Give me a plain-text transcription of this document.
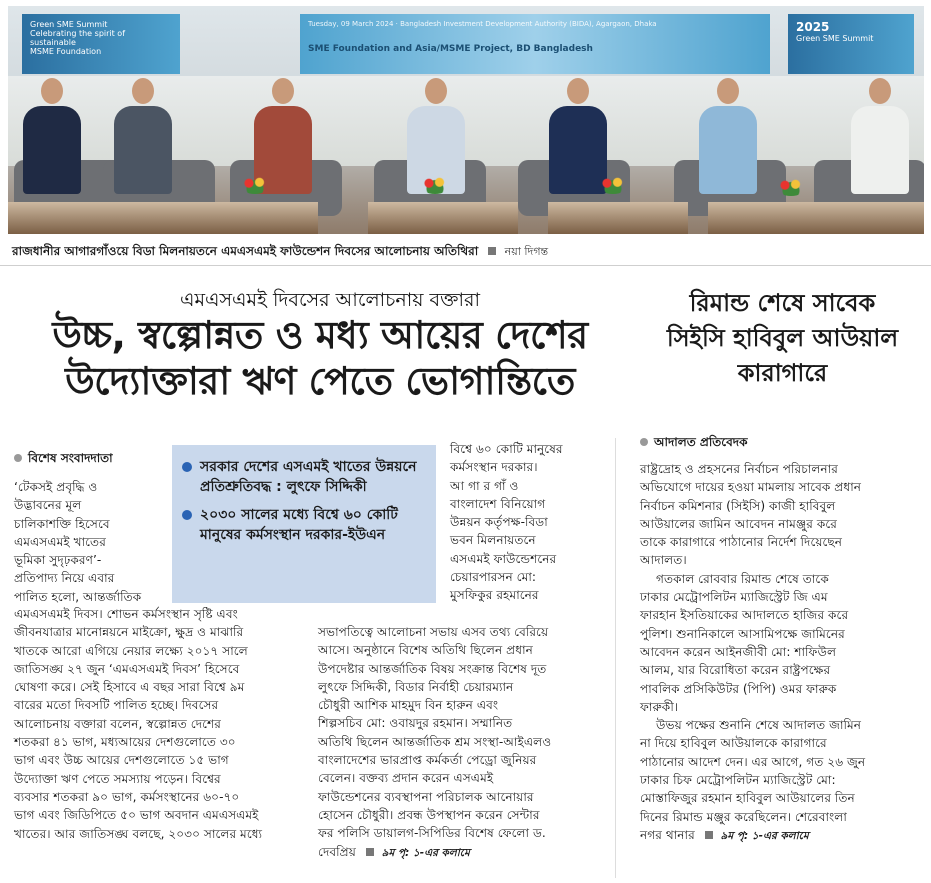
Green SME Summit
Celebrating the spirit of sustainable
MSME Foundation
Tuesday, 09 March 2024 · Bangladesh Investment Development Authority (BIDA), Agargaon, Dhaka
SME Foundation and Asia/MSME Project, BD Bangladesh
2025
Green SME Summit
রাজধানীর আগারগাঁওয়ে বিডা মিলনায়তনে এমএসএমই ফাউন্ডেশন দিবসের আলোচনায় অতিথিরা নয়া দিগন্ত
এমএসএমই দিবসের আলোচনায় বক্তারা
উচ্চ, স্বল্পোন্নত ও মধ্য আয়ের দেশের
উদ্যোক্তারা ঋণ পেতে ভোগান্তিতে
রিমান্ড শেষে সাবেক
সিইসি হাবিবুল আউয়াল
কারাগারে
বিশেষ সংবাদদাতা
‘টেকসই প্রবৃদ্ধি ও
উদ্ভাবনের মূল
চালিকাশক্তি হিসেবে
এমএসএমই খাতের
ভূমিকা সুদৃঢ়করণ’-
প্রতিপাদ্য নিয়ে এবার
পালিত হলো, আন্তর্জাতিক
সরকার দেশের এসএমই খাতের উন্নয়নে প্রতিশ্রুতিবদ্ধ : লুৎফে সিদ্দিকী
২০৩০ সালের মধ্যে বিশ্বে ৬০ কোটি মানুষের কর্মসংস্থান দরকার-ইউএন
বিশ্বে ৬০ কোটি মানুষের
কর্মসংস্থান দরকার।
আ গা র গাঁ ও
বাংলাদেশ বিনিয়োগ
উন্নয়ন কর্তৃপক্ষ-বিডা
ভবন মিলনায়তনে
এসএমই ফাউন্ডেশনের
চেয়ারপারসন মো:
মুসফিকুর রহমানের
এমএসএমই দিবস। শোভন কর্মসংস্থান সৃষ্টি এবং
জীবনযাত্রার মানোন্নয়নে মাইক্রো, ক্ষুদ্র ও মাঝারি
খাতকে আরো এগিয়ে নেয়ার লক্ষ্যে ২০১৭ সালে
জাতিসঙ্ঘ ২৭ জুন ‘এমএসএমই দিবস’ হিসেবে
ঘোষণা করে। সেই হিসাবে এ বছর সারা বিশ্বে ৯ম
বারের মতো দিবসটি পালিত হচ্ছে। দিবসের
আলোচনায় বক্তারা বলেন, স্বল্পোন্নত দেশের
শতকরা ৪১ ভাগ, মধ্যআয়ের দেশগুলোতে ৩০
ভাগ এবং উচ্চ আয়ের দেশগুলোতে ১৫ ভাগ
উদ্যোক্তা ঋণ পেতে সমস্যায় পড়েন। বিশ্বের
ব্যবসার শতকরা ৯০ ভাগ, কর্মসংস্থানের ৬০-৭০
ভাগ এবং জিডিপিতে ৫০ ভাগ অবদান এমএসএমই
খাতের। আর জাতিসঙ্ঘ বলছে, ২০৩০ সালের মধ্যে
সভাপতিত্বে আলোচনা সভায় এসব তথ্য বেরিয়ে
আসে। অনুষ্ঠানে বিশেষ অতিথি ছিলেন প্রধান
উপদেষ্টার আন্তর্জাতিক বিষয় সংক্রান্ত বিশেষ দূত
লুৎফে সিদ্দিকী, বিডার নির্বাহী চেয়ারম্যান
চৌধুরী আশিক মাহমুদ বিন হারুন এবং
শিল্পসচিব মো: ওবায়দুর রহমান। সম্মানিত
অতিথি ছিলেন আন্তর্জাতিক শ্রম সংস্থা-আইএলও
বাংলাদেশের ভারপ্রাপ্ত কর্মকর্তা পেড্রো জুনিয়র
বেলেন। বক্তব্য প্রদান করেন এসএমই
ফাউন্ডেশনের ব্যবস্থাপনা পরিচালক আনোয়ার
হোসেন চৌধুরী। প্রবন্ধ উপস্থাপন করেন সেন্টার
ফর পলিসি ডায়ালগ-সিপিডির বিশেষ ফেলো ড.
দেবপ্রিয় ৯ম পৃ: ১-এর কলামে
আদালত প্রতিবেদক
রাষ্ট্রদ্রোহ ও প্রহসনের নির্বাচন পরিচালনার
অভিযোগে দায়ের হওয়া মামলায় সাবেক প্রধান
নির্বাচন কমিশনার (সিইসি) কাজী হাবিবুল
আউয়ালের জামিন আবেদন নামঞ্জুর করে
তাকে কারাগারে পাঠানোর নির্দেশ দিয়েছেন
আদালত।
গতকাল রোববার রিমান্ড শেষে তাকে
ঢাকার মেট্রোপলিটন ম্যাজিস্ট্রেট জি এম
ফারহান ইসতিয়াকের আদালতে হাজির করে
পুলিশ। শুনানিকালে আসামিপক্ষে জামিনের
আবেদন করেন আইনজীবী মো: শাফিউল
আলম, যার বিরোধিতা করেন রাষ্ট্রপক্ষের
পাবলিক প্রসিকিউটর (পিপি) ওমর ফারুক
ফারুকী।
উভয় পক্ষের শুনানি শেষে আদালত জামিন
না দিয়ে হাবিবুল আউয়ালকে কারাগারে
পাঠানোর আদেশ দেন। এর আগে, গত ২৬ জুন
ঢাকার চিফ মেট্রোপলিটন ম্যাজিস্ট্রেট মো:
মোস্তাফিজুর রহমান হাবিবুল আউয়ালের তিন
দিনের রিমান্ড মঞ্জুর করেছিলেন। শেরেবাংলা
নগর থানার ৯ম পৃ: ১-এর কলামে
